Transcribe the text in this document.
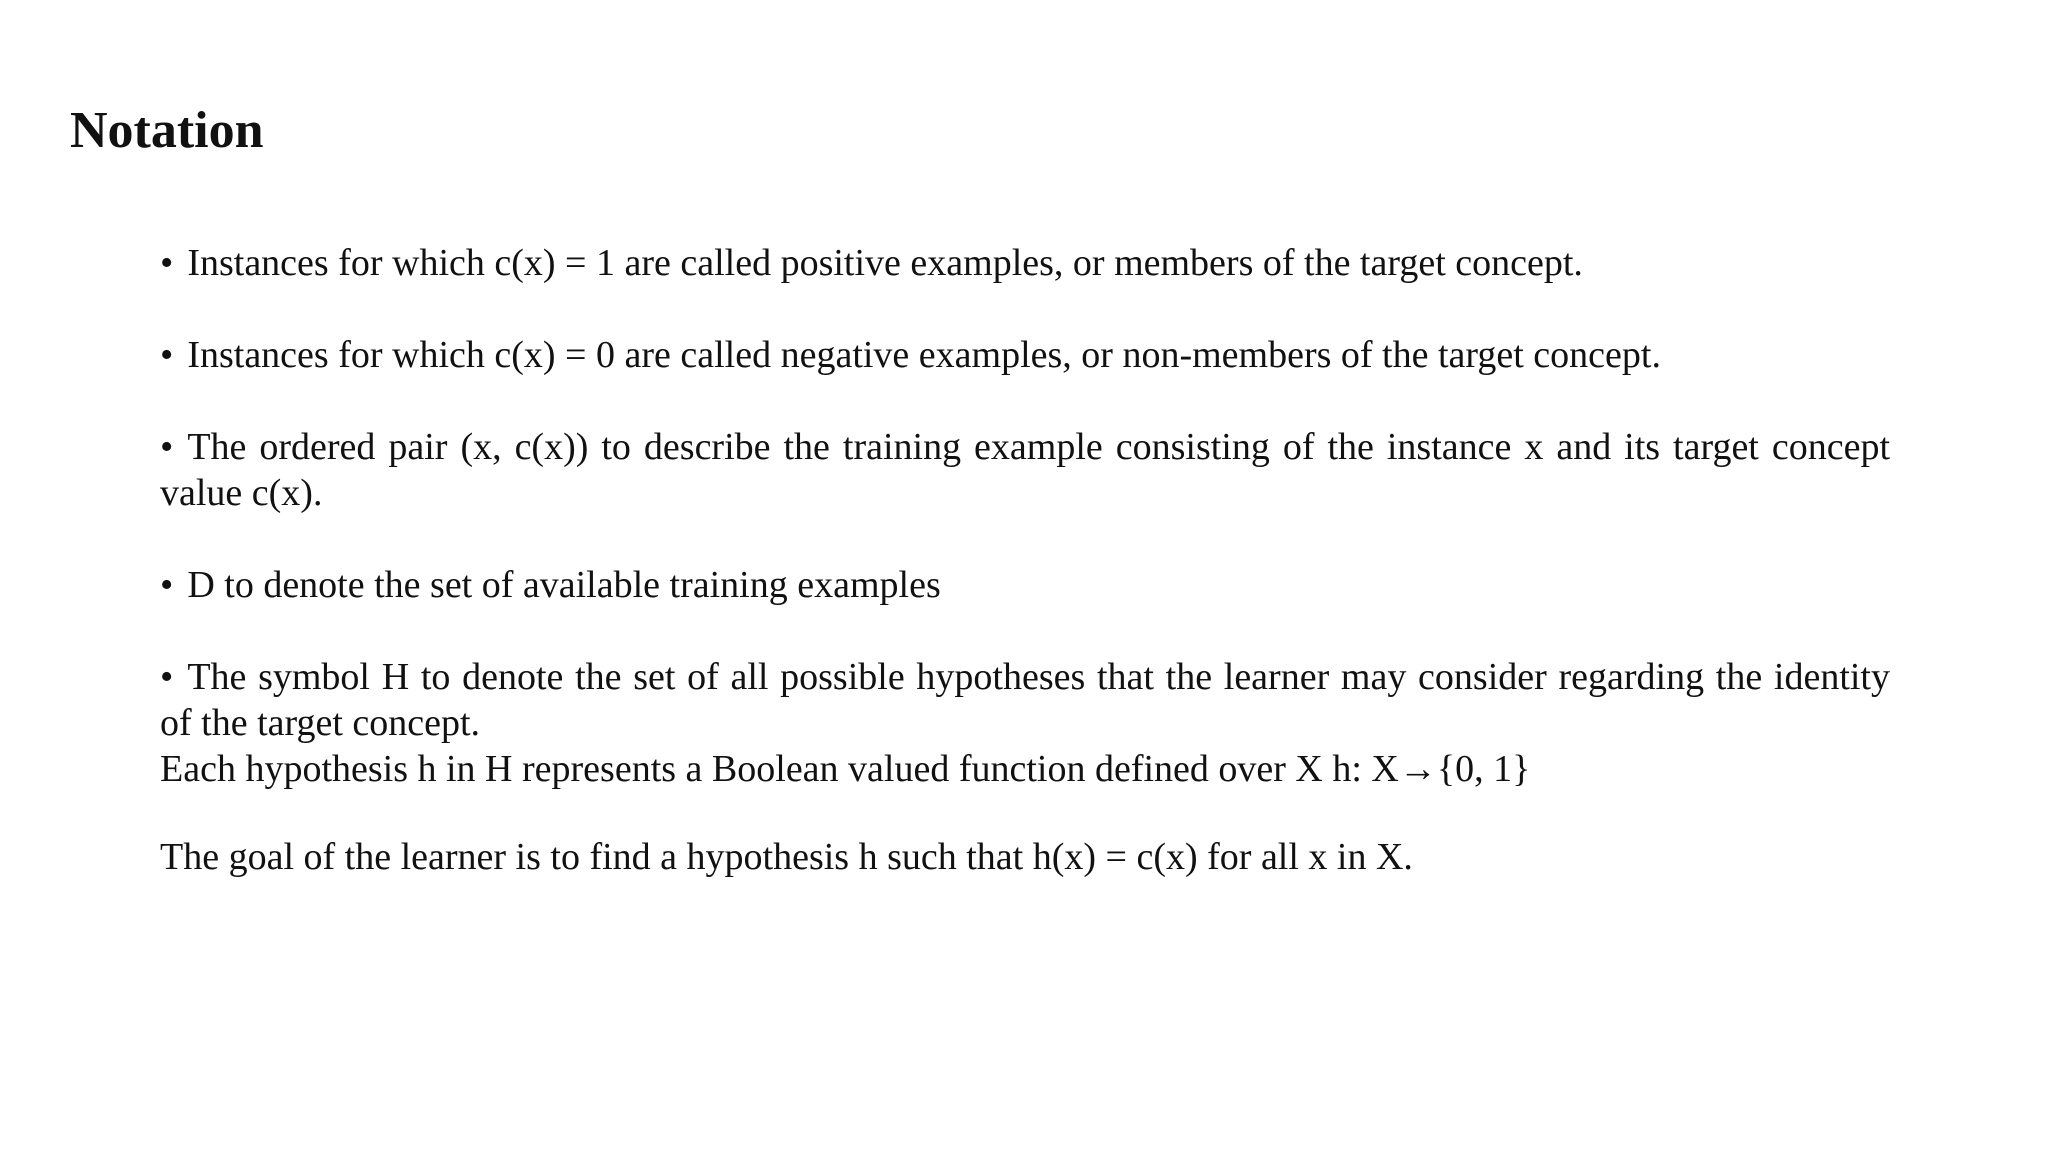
Notation

• Instances for which c(x) = 1 are called positive examples, or members of the target concept.

• Instances for which c(x) = 0 are called negative examples, or non-members of the target concept.

• The ordered pair (x, c(x)) to describe the training example consisting of the instance x and its target concept value c(x).

• D to denote the set of available training examples

• The symbol H to denote the set of all possible hypotheses that the learner may consider regarding the identity of the target concept.

Each hypothesis h in H represents a Boolean valued function defined over X h: X→{0, 1}
The goal of the learner is to find a hypothesis h such that h(x) = c(x) for all x in X.
